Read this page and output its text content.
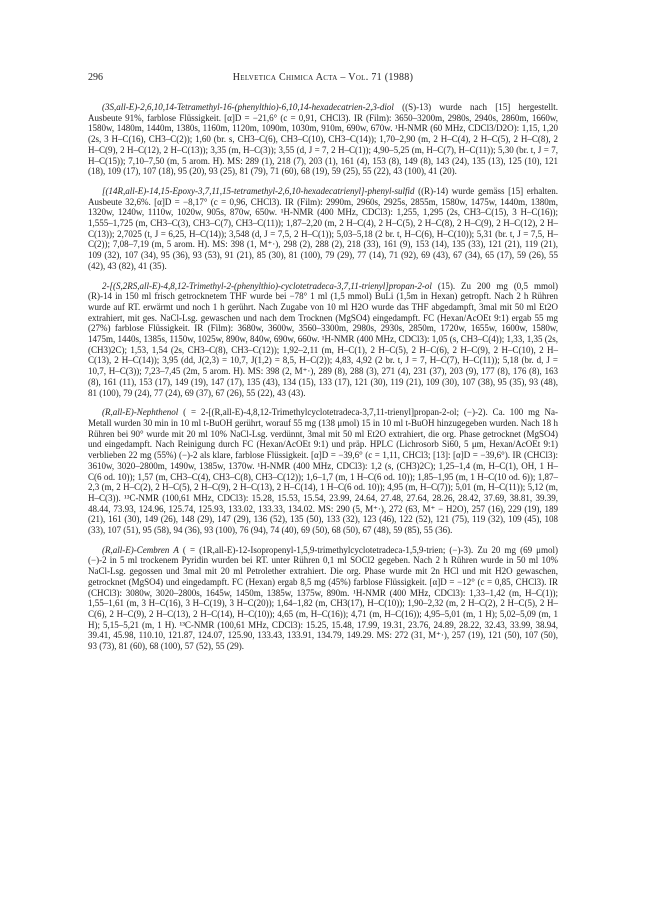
296	Helvetica Chimica Acta – Vol. 71 (1988)

(3S,all-E)-2,6,10,14-Tetramethyl-16-(phenylthio)-6,10,14-hexadecatrien-2,3-diol ((S)-13) wurde nach [15] hergestellt. Ausbeute 91%, farblose Flüssigkeit. [α]D = −21,6° (c = 0,91, CHCl3). IR (Film): 3650–3200m, 2980s, 2940s, 2860m, 1660w, 1580w, 1480m, 1440m, 1380s, 1160m, 1120m, 1090m, 1030m, 910m, 690w, 670w. ¹H-NMR (60 MHz, CDCl3/D2O): 1,15, 1,20 (2s, 3 H–C(16), CH3–C(2)); 1,60 (br. s, CH3–C(6), CH3–C(10), CH3–C(14)); 1,70–2,90 (m, 2 H–C(4), 2 H–C(5), 2 H–C(8), 2 H–C(9), 2 H–C(12), 2 H–C(13)); 3,35 (m, H–C(3)); 3,55 (d, J = 7, 2 H–C(1)); 4,90–5,25 (m, H–C(7), H–C(11)); 5,30 (br. t, J = 7, H–C(15)); 7,10–7,50 (m, 5 arom. H). MS: 289 (1), 218 (7), 203 (1), 161 (4), 153 (8), 149 (8), 143 (24), 135 (13), 125 (10), 121 (18), 109 (17), 107 (18), 95 (20), 93 (25), 81 (79), 71 (60), 68 (19), 59 (25), 55 (22), 43 (100), 41 (20).

[(14R,all-E)-14,15-Epoxy-3,7,11,15-tetramethyl-2,6,10-hexadecatrienyl]-phenyl-sulfid ((R)-14) wurde gemäss [15] erhalten. Ausbeute 32,6%. [α]D = −8,17° (c = 0,96, CHCl3). IR (Film): 2990m, 2960s, 2925s, 2855m, 1580w, 1475w, 1440m, 1380m, 1320w, 1240w, 1110w, 1020w, 905s, 870w, 650w. ¹H-NMR (400 MHz, CDCl3): 1,255, 1,295 (2s, CH3–C(15), 3 H–C(16)); 1,555–1,725 (m, CH3–C(3), CH3–C(7), CH3–C(11)); 1,87–2,20 (m, 2 H–C(4), 2 H–C(5), 2 H–C(8), 2 H–C(9), 2 H–C(12), 2 H–C(13)); 2,7025 (t, J = 6,25, H–C(14)); 3,548 (d, J = 7,5, 2 H–C(1)); 5,03–5,18 (2 br. t, H–C(6), H–C(10)); 5,31 (br. t, J = 7,5, H–C(2)); 7,08–7,19 (m, 5 arom. H). MS: 398 (1, M⁺·), 298 (2), 288 (2), 218 (33), 161 (9), 153 (14), 135 (33), 121 (21), 119 (21), 109 (32), 107 (34), 95 (36), 93 (53), 91 (21), 85 (30), 81 (100), 79 (29), 77 (14), 71 (92), 69 (43), 67 (34), 65 (17), 59 (26), 55 (42), 43 (82), 41 (35).

2-[(S,2RS,all-E)-4,8,12-Trimethyl-2-(phenylthio)-cyclotetradeca-3,7,11-trienyl]propan-2-ol (15). Zu 200 mg (0,5 mmol) (R)-14 in 150 ml frisch getrocknetem THF wurde bei −78° 1 ml (1,5 mmol) BuLi (1,5m in Hexan) getropft. Nach 2 h Rühren wurde auf RT. erwärmt und noch 1 h gerührt. Nach Zugabe von 10 ml H2O wurde das THF abgedampft, 3mal mit 50 ml Et2O extrahiert, mit ges. NaCl-Lsg. gewaschen und nach dem Trocknen (MgSO4) eingedampft. FC (Hexan/AcOEt 9:1) ergab 55 mg (27%) farblose Flüssigkeit. IR (Film): 3680w, 3600w, 3560–3300m, 2980s, 2930s, 2850m, 1720w, 1655w, 1600w, 1580w, 1475m, 1440s, 1385s, 1150w, 1025w, 890w, 840w, 690w, 660w. ¹H-NMR (400 MHz, CDCl3): 1,05 (s, CH3–C(4)); 1,33, 1,35 (2s, (CH3)2C); 1,53, 1,54 (2s, CH3–C(8), CH3–C(12)); 1,92–2,11 (m, H–C(1), 2 H–C(5), 2 H–C(6), 2 H–C(9), 2 H–C(10), 2 H–C(13), 2 H–C(14)); 3,95 (dd, J(2,3) = 10,7, J(1,2) = 8,5, H–C(2)); 4,83, 4,92 (2 br. t, J = 7, H–C(7), H–C(11)); 5,18 (br. d, J = 10,7, H–C(3)); 7,23–7,45 (2m, 5 arom. H). MS: 398 (2, M⁺·), 289 (8), 288 (3), 271 (4), 231 (37), 203 (9), 177 (8), 176 (8), 163 (8), 161 (11), 153 (17), 149 (19), 147 (17), 135 (43), 134 (15), 133 (17), 121 (30), 119 (21), 109 (30), 107 (38), 95 (35), 93 (48), 81 (100), 79 (24), 77 (24), 69 (37), 67 (26), 55 (22), 43 (43).

(R,all-E)-Nephthenol ( = 2-[(R,all-E)-4,8,12-Trimethylcyclotetradeca-3,7,11-trienyl]propan-2-ol; (−)-2). Ca. 100 mg Na-Metall wurden 30 min in 10 ml t-BuOH gerührt, worauf 55 mg (138 μmol) 15 in 10 ml t-BuOH hinzugegeben wurden. Nach 18 h Rühren bei 90° wurde mit 20 ml 10% NaCl-Lsg. verdünnt, 3mal mit 50 ml Et2O extrahiert, die org. Phase getrocknet (MgSO4) und eingedampft. Nach Reinigung durch FC (Hexan/AcOEt 9:1) und präp. HPLC (Lichrosorb Si60, 5 μm, Hexan/AcOEt 9:1) verblieben 22 mg (55%) (−)-2 als klare, farblose Flüssigkeit. [α]D = −39,6° (c = 1,11, CHCl3; [13]: [α]D = −39,6°). IR (CHCl3): 3610w, 3020–2800m, 1490w, 1385w, 1370w. ¹H-NMR (400 MHz, CDCl3): 1,2 (s, (CH3)2C); 1,25–1,4 (m, H–C(1), OH, 1 H–C(6 od. 10)); 1,57 (m, CH3–C(4), CH3–C(8), CH3–C(12)); 1,6–1,7 (m, 1 H–C(6 od. 10)); 1,85–1,95 (m, 1 H–C(10 od. 6)); 1,87–2,3 (m, 2 H–C(2), 2 H–C(5), 2 H–C(9), 2 H–C(13), 2 H–C(14), 1 H–C(6 od. 10)); 4,95 (m, H–C(7)); 5,01 (m, H–C(11)); 5,12 (m, H–C(3)). ¹³C-NMR (100,61 MHz, CDCl3): 15.28, 15.53, 15.54, 23.99, 24.64, 27.48, 27.64, 28.26, 28.42, 37.69, 38.81, 39.39, 48.44, 73.93, 124.96, 125.74, 125.93, 133.02, 133.33, 134.02. MS: 290 (5, M⁺·), 272 (63, M⁺ − H2O), 257 (16), 229 (19), 189 (21), 161 (30), 149 (26), 148 (29), 147 (29), 136 (52), 135 (50), 133 (32), 123 (46), 122 (52), 121 (75), 119 (32), 109 (45), 108 (33), 107 (51), 95 (58), 94 (36), 93 (100), 76 (94), 74 (40), 69 (50), 68 (50), 67 (48), 59 (85), 55 (36).

(R,all-E)-Cembren A ( = (1R,all-E)-12-Isopropenyl-1,5,9-trimethylcyclotetradeca-1,5,9-trien; (−)-3). Zu 20 mg (69 μmol) (−)-2 in 5 ml trockenem Pyridin wurden bei RT. unter Rühren 0,1 ml SOCl2 gegeben. Nach 2 h Rühren wurde in 50 ml 10% NaCl-Lsg. gegossen und 3mal mit 20 ml Petrolether extrahiert. Die org. Phase wurde mit 2n HCl und mit H2O gewaschen, getrocknet (MgSO4) und eingedampft. FC (Hexan) ergab 8,5 mg (45%) farblose Flüssigkeit. [α]D = −12° (c = 0,85, CHCl3). IR (CHCl3): 3080w, 3020–2800s, 1645w, 1450m, 1385w, 1375w, 890m. ¹H-NMR (400 MHz, CDCl3): 1,33–1,42 (m, H–C(1)); 1,55–1,61 (m, 3 H–C(16), 3 H–C(19), 3 H–C(20)); 1,64–1,82 (m, CH3(17), H–C(10)); 1,90–2,32 (m, 2 H–C(2), 2 H–C(5), 2 H–C(6), 2 H–C(9), 2 H–C(13), 2 H–C(14), H–C(10)); 4,65 (m, H–C(16)); 4,71 (m, H–C(16)); 4,95–5,01 (m, 1 H); 5,02–5,09 (m, 1 H); 5,15–5,21 (m, 1 H). ¹³C-NMR (100,61 MHz, CDCl3): 15.25, 15.48, 17.99, 19.31, 23.76, 24.89, 28.22, 32.43, 33.99, 38.94, 39.41, 45.98, 110.10, 121.87, 124.07, 125.90, 133.43, 133.91, 134.79, 149.29. MS: 272 (31, M⁺·), 257 (19), 121 (50), 107 (50), 93 (73), 81 (60), 68 (100), 57 (52), 55 (29).
